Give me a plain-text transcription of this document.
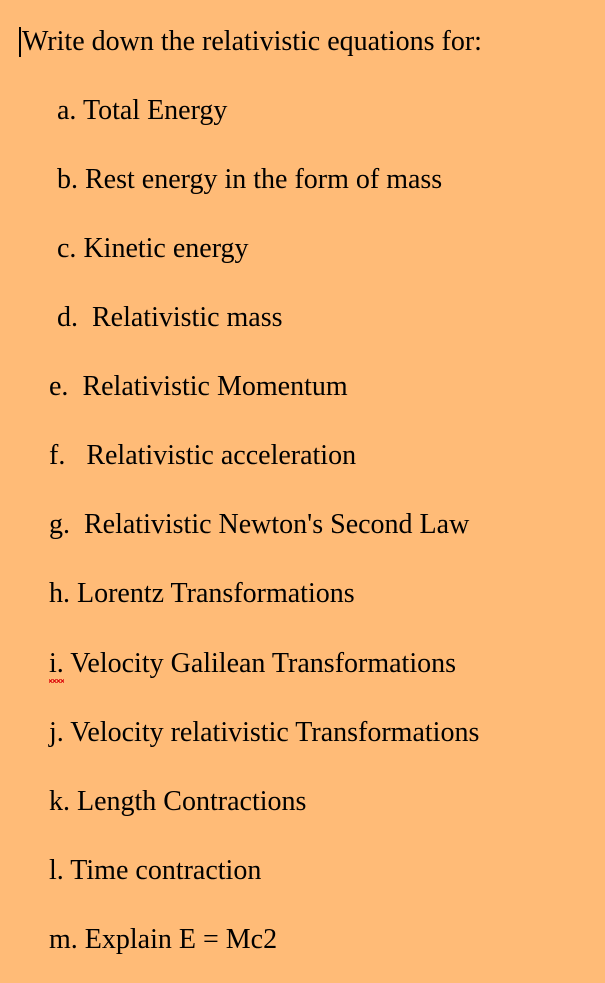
Write down the relativistic equations for:
a. Total Energy
b. Rest energy in the form of mass
c. Kinetic energy
d. Relativistic mass
e. Relativistic Momentum
f. Relativistic acceleration
g. Relativistic Newton's Second Law
h. Lorentz Transformations
i. Velocity Galilean Transformations
j. Velocity relativistic Transformations
k. Length Contractions
l. Time contraction
m. Explain E = Mc2
